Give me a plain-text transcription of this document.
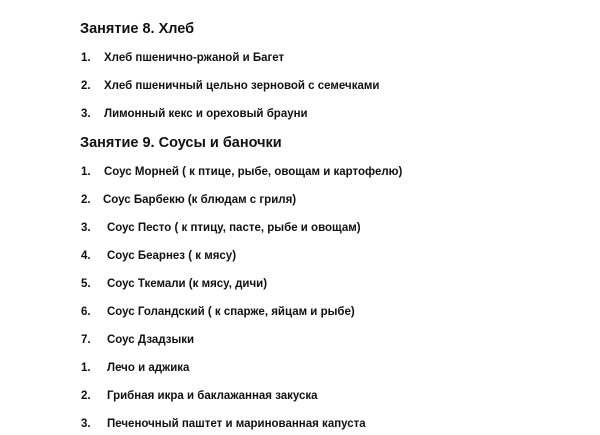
Занятие 8. Хлеб
1. Хлеб пшенично-ржаной и Багет
2. Хлеб пшеничный цельно зерновой с семечками
3. Лимонный кекс и ореховый брауни
Занятие 9. Соусы и баночки
1. Соус Морней ( к птице, рыбе, овощам и картофелю)
2. Соус Барбекю (к блюдам с гриля)
3. Соус Песто ( к птицу, пасте, рыбе и овощам)
4. Соус Беарнез ( к мясу)
5. Соус Ткемали (к мясу, дичи)
6. Соус Голандский ( к спарже, яйцам и рыбе)
7. Соус Дзадзыки
1. Лечо и аджика
2. Грибная икра и баклажанная закуска
3. Печеночный паштет и маринованная капуста
